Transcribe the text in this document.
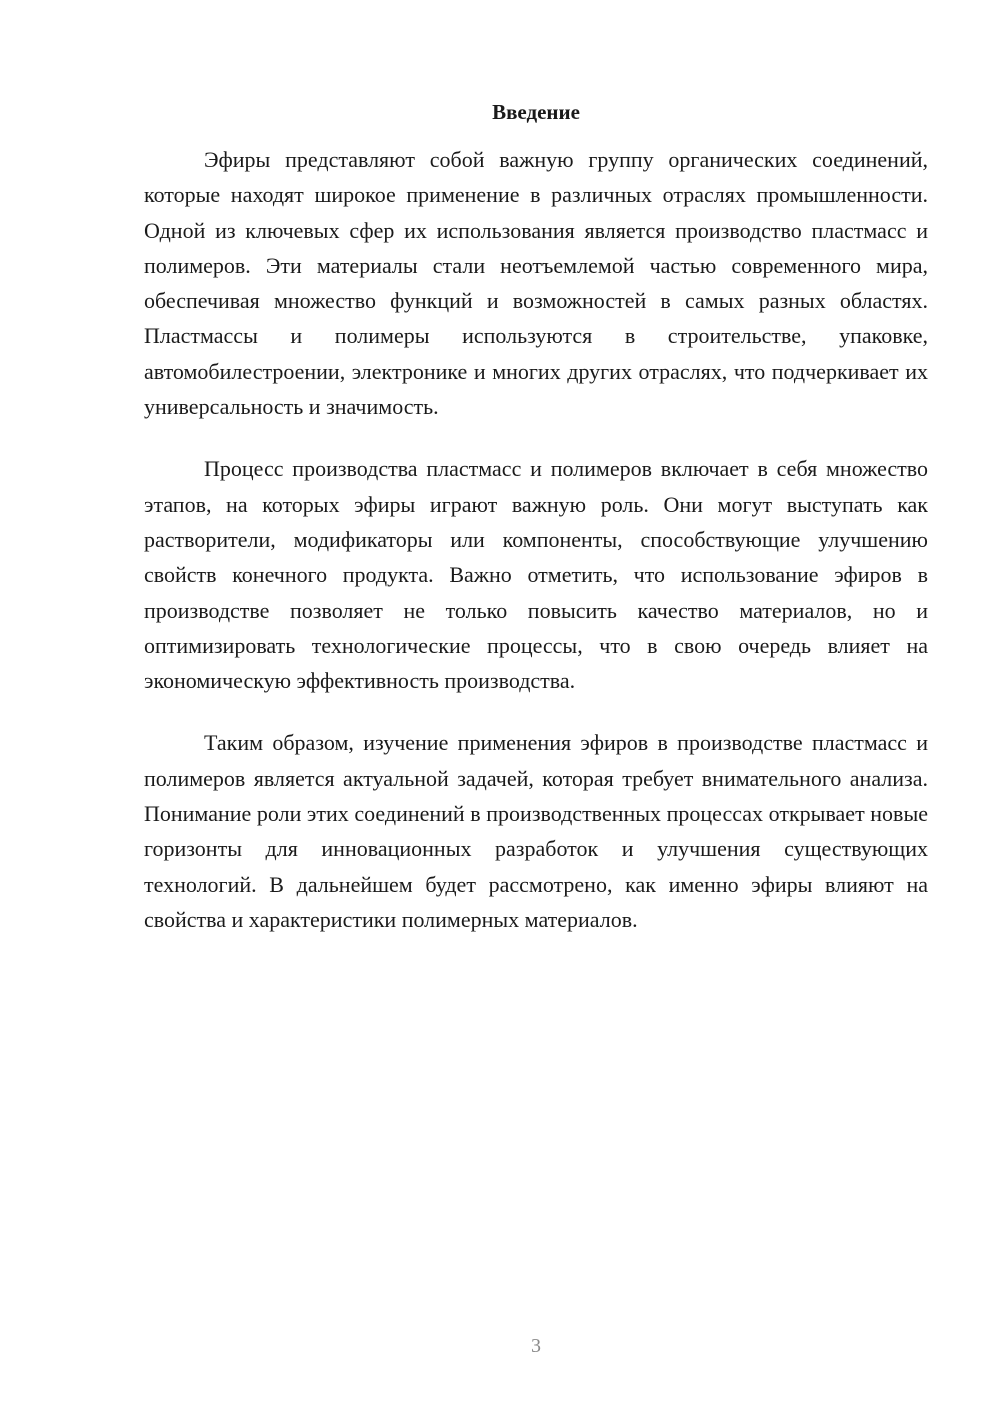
Введение

Эфиры представляют собой важную группу органических соединений, которые находят широкое применение в различных отраслях промышленности. Одной из ключевых сфер их использования является производство пластмасс и полимеров. Эти материалы стали неотъемлемой частью современного мира, обеспечивая множество функций и возможностей в самых разных областях. Пластмассы и полимеры используются в строительстве, упаковке, автомобилестроении, электронике и многих других отраслях, что подчеркивает их универсальность и значимость.

Процесс производства пластмасс и полимеров включает в себя множество этапов, на которых эфиры играют важную роль. Они могут выступать как растворители, модификаторы или компоненты, способствующие улучшению свойств конечного продукта. Важно отметить, что использование эфиров в производстве позволяет не только повысить качество материалов, но и оптимизировать технологические процессы, что в свою очередь влияет на экономическую эффективность производства.

Таким образом, изучение применения эфиров в производстве пластмасс и полимеров является актуальной задачей, которая требует внимательного анализа. Понимание роли этих соединений в производственных процессах открывает новые горизонты для инновационных разработок и улучшения существующих технологий. В дальнейшем будет рассмотрено, как именно эфиры влияют на свойства и характеристики полимерных материалов.

3
